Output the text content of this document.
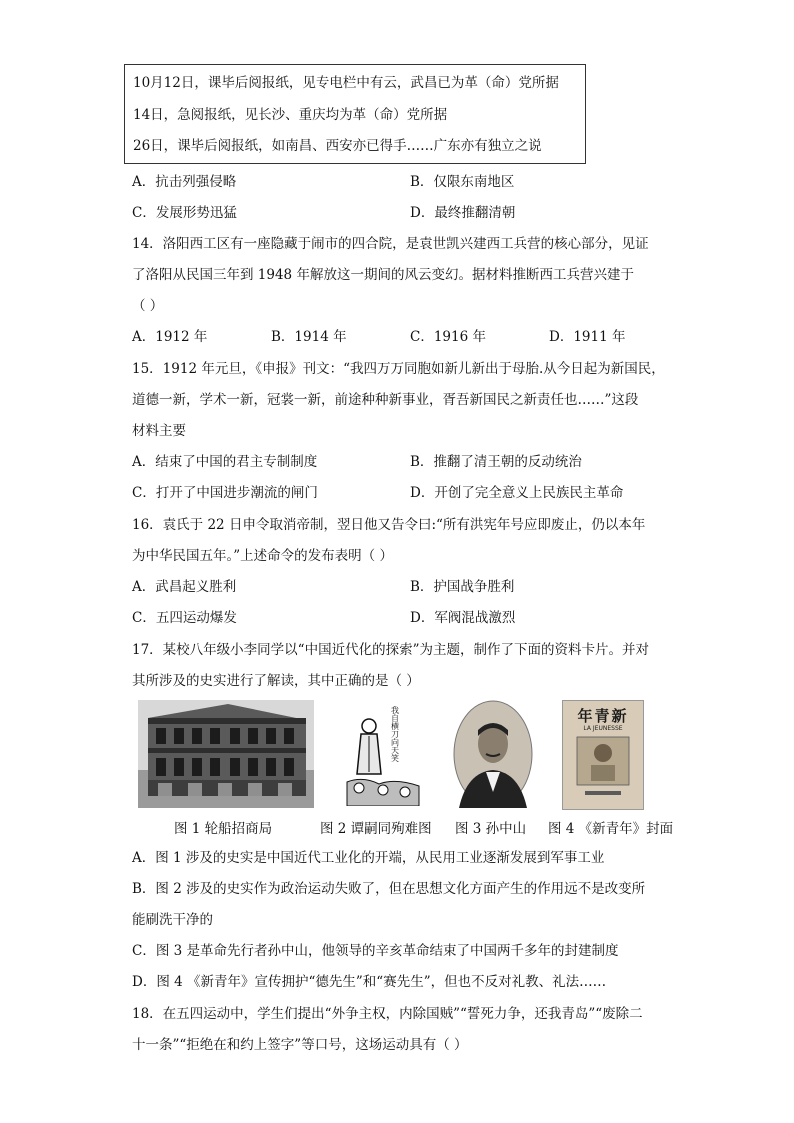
10月12日，课毕后阅报纸，见专电栏中有云，武昌已为革（命）党所据
14日，急阅报纸，见长沙、重庆均为革（命）党所据
26日，课毕后阅报纸，如南昌、西安亦已得手……广东亦有独立之说
A．抗击列强侵略	B．仅限东南地区
C．发展形势迅猛	D．最终推翻清朝
14．洛阳西工区有一座隐藏于闹市的四合院，是袁世凯兴建西工兵营的核心部分，见证
了洛阳从民国三年到 1948 年解放这一期间的风云变幻。据材料推断西工兵营兴建于
（ ）
A．1912 年	B．1914 年	C．1916 年	D．1911 年
15．1912 年元旦，《申报》刊文：“我四万万同胞如新儿新出于母胎.从今日起为新国民，
道德一新，学术一新，冠裳一新，前途种种新事业，胥吾新国民之新责任也……”这段
材料主要
A．结束了中国的君主专制制度	B．推翻了清王朝的反动统治
C．打开了中国进步潮流的闸门	D．开创了完全意义上民族民主革命
16．袁氏于 22 日申令取消帝制，翌日他又告令曰:“所有洪宪年号应即废止，仍以本年
为中华民国五年。”上述命令的发布表明（ ）
A．武昌起义胜利	B．护国战争胜利
C．五四运动爆发	D．军阀混战激烈
17．某校八年级小李同学以“中国近代化的探索”为主题，制作了下面的资料卡片。并对
其所涉及的史实进行了解读，其中正确的是（ ）
我自横刀向天笑	年青新
LA JEUNESSE
图 1 轮船招商局	图 2 谭嗣同殉难图 图 3 孙中山 图 4 《新青年》封面
A．图 1 涉及的史实是中国近代工业化的开端，从民用工业逐渐发展到军事工业
B．图 2 涉及的史实作为政治运动失败了，但在思想文化方面产生的作用远不是改变所
能刷洗干净的
C．图 3 是革命先行者孙中山，他领导的辛亥革命结束了中国两千多年的封建制度
D．图 4 《新青年》宣传拥护“德先生”和“赛先生”，但也不反对礼教、礼法……
18．在五四运动中，学生们提出“外争主权，内除国贼”“誓死力争，还我青岛”“废除二
十一条”“拒绝在和约上签字”等口号，这场运动具有（ ）
